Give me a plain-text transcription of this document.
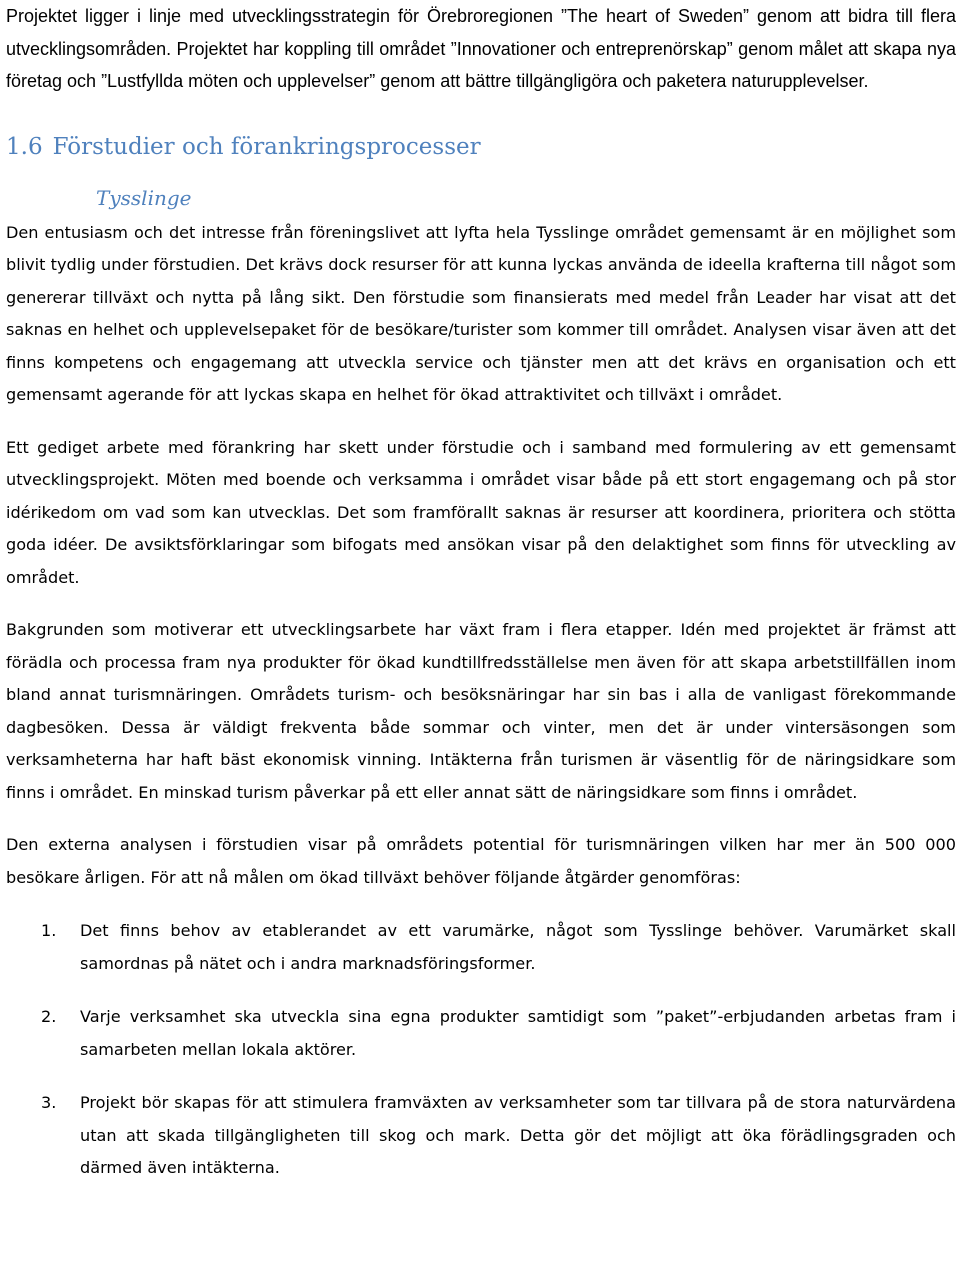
Projektet ligger i linje med utvecklingsstrategin för Örebroregionen ”The heart of Sweden” genom att bidra till flera utvecklingsområden. Projektet har koppling till området ”Innovationer och entreprenörskap” genom målet att skapa nya företag och ”Lustfyllda möten och upplevelser” genom att bättre tillgängligöra och paketera naturupplevelser.

1.6 Förstudier och förankringsprocesser
Tysslinge

Den entusiasm och det intresse från föreningslivet att lyfta hela Tysslinge området gemensamt är en möjlighet som blivit tydlig under förstudien. Det krävs dock resurser för att kunna lyckas använda de ideella krafterna till något som genererar tillväxt och nytta på lång sikt. Den förstudie som finansierats med medel från Leader har visat att det saknas en helhet och upplevelsepaket för de besökare/turister som kommer till området. Analysen visar även att det finns kompetens och engagemang att utveckla service och tjänster men att det krävs en organisation och ett gemensamt agerande för att lyckas skapa en helhet för ökad attraktivitet och tillväxt i området.

Ett gediget arbete med förankring har skett under förstudie och i samband med formulering av ett gemensamt utvecklingsprojekt. Möten med boende och verksamma i området visar både på ett stort engagemang och på stor idérikedom om vad som kan utvecklas. Det som framförallt saknas är resurser att koordinera, prioritera och stötta goda idéer. De avsiktsförklaringar som bifogats med ansökan visar på den delaktighet som finns för utveckling av området.

Bakgrunden som motiverar ett utvecklingsarbete har växt fram i flera etapper. Idén med projektet är främst att förädla och processa fram nya produkter för ökad kundtillfredsställelse men även för att skapa arbetstillfällen inom bland annat turismnäringen. Områdets turism- och besöksnäringar har sin bas i alla de vanligast förekommande dagbesöken. Dessa är väldigt frekventa både sommar och vinter, men det är under vintersäsongen som verksamheterna har haft bäst ekonomisk vinning. Intäkterna från turismen är väsentlig för de näringsidkare som finns i området. En minskad turism påverkar på ett eller annat sätt de näringsidkare som finns i området.

Den externa analysen i förstudien visar på områdets potential för turismnäringen vilken har mer än 500 000 besökare årligen. För att nå målen om ökad tillväxt behöver följande åtgärder genomföras:

1.	Det finns behov av etablerandet av ett varumärke, något som Tysslinge behöver. Varumärket skall samordnas på nätet och i andra marknadsföringsformer.

2.	Varje verksamhet ska utveckla sina egna produkter samtidigt som ”paket”-erbjudanden arbetas fram i samarbeten mellan lokala aktörer.

3.	Projekt bör skapas för att stimulera framväxten av verksamheter som tar tillvara på de stora naturvärdena utan att skada tillgängligheten till skog och mark. Detta gör det möjligt att öka förädlingsgraden och därmed även intäkterna.
